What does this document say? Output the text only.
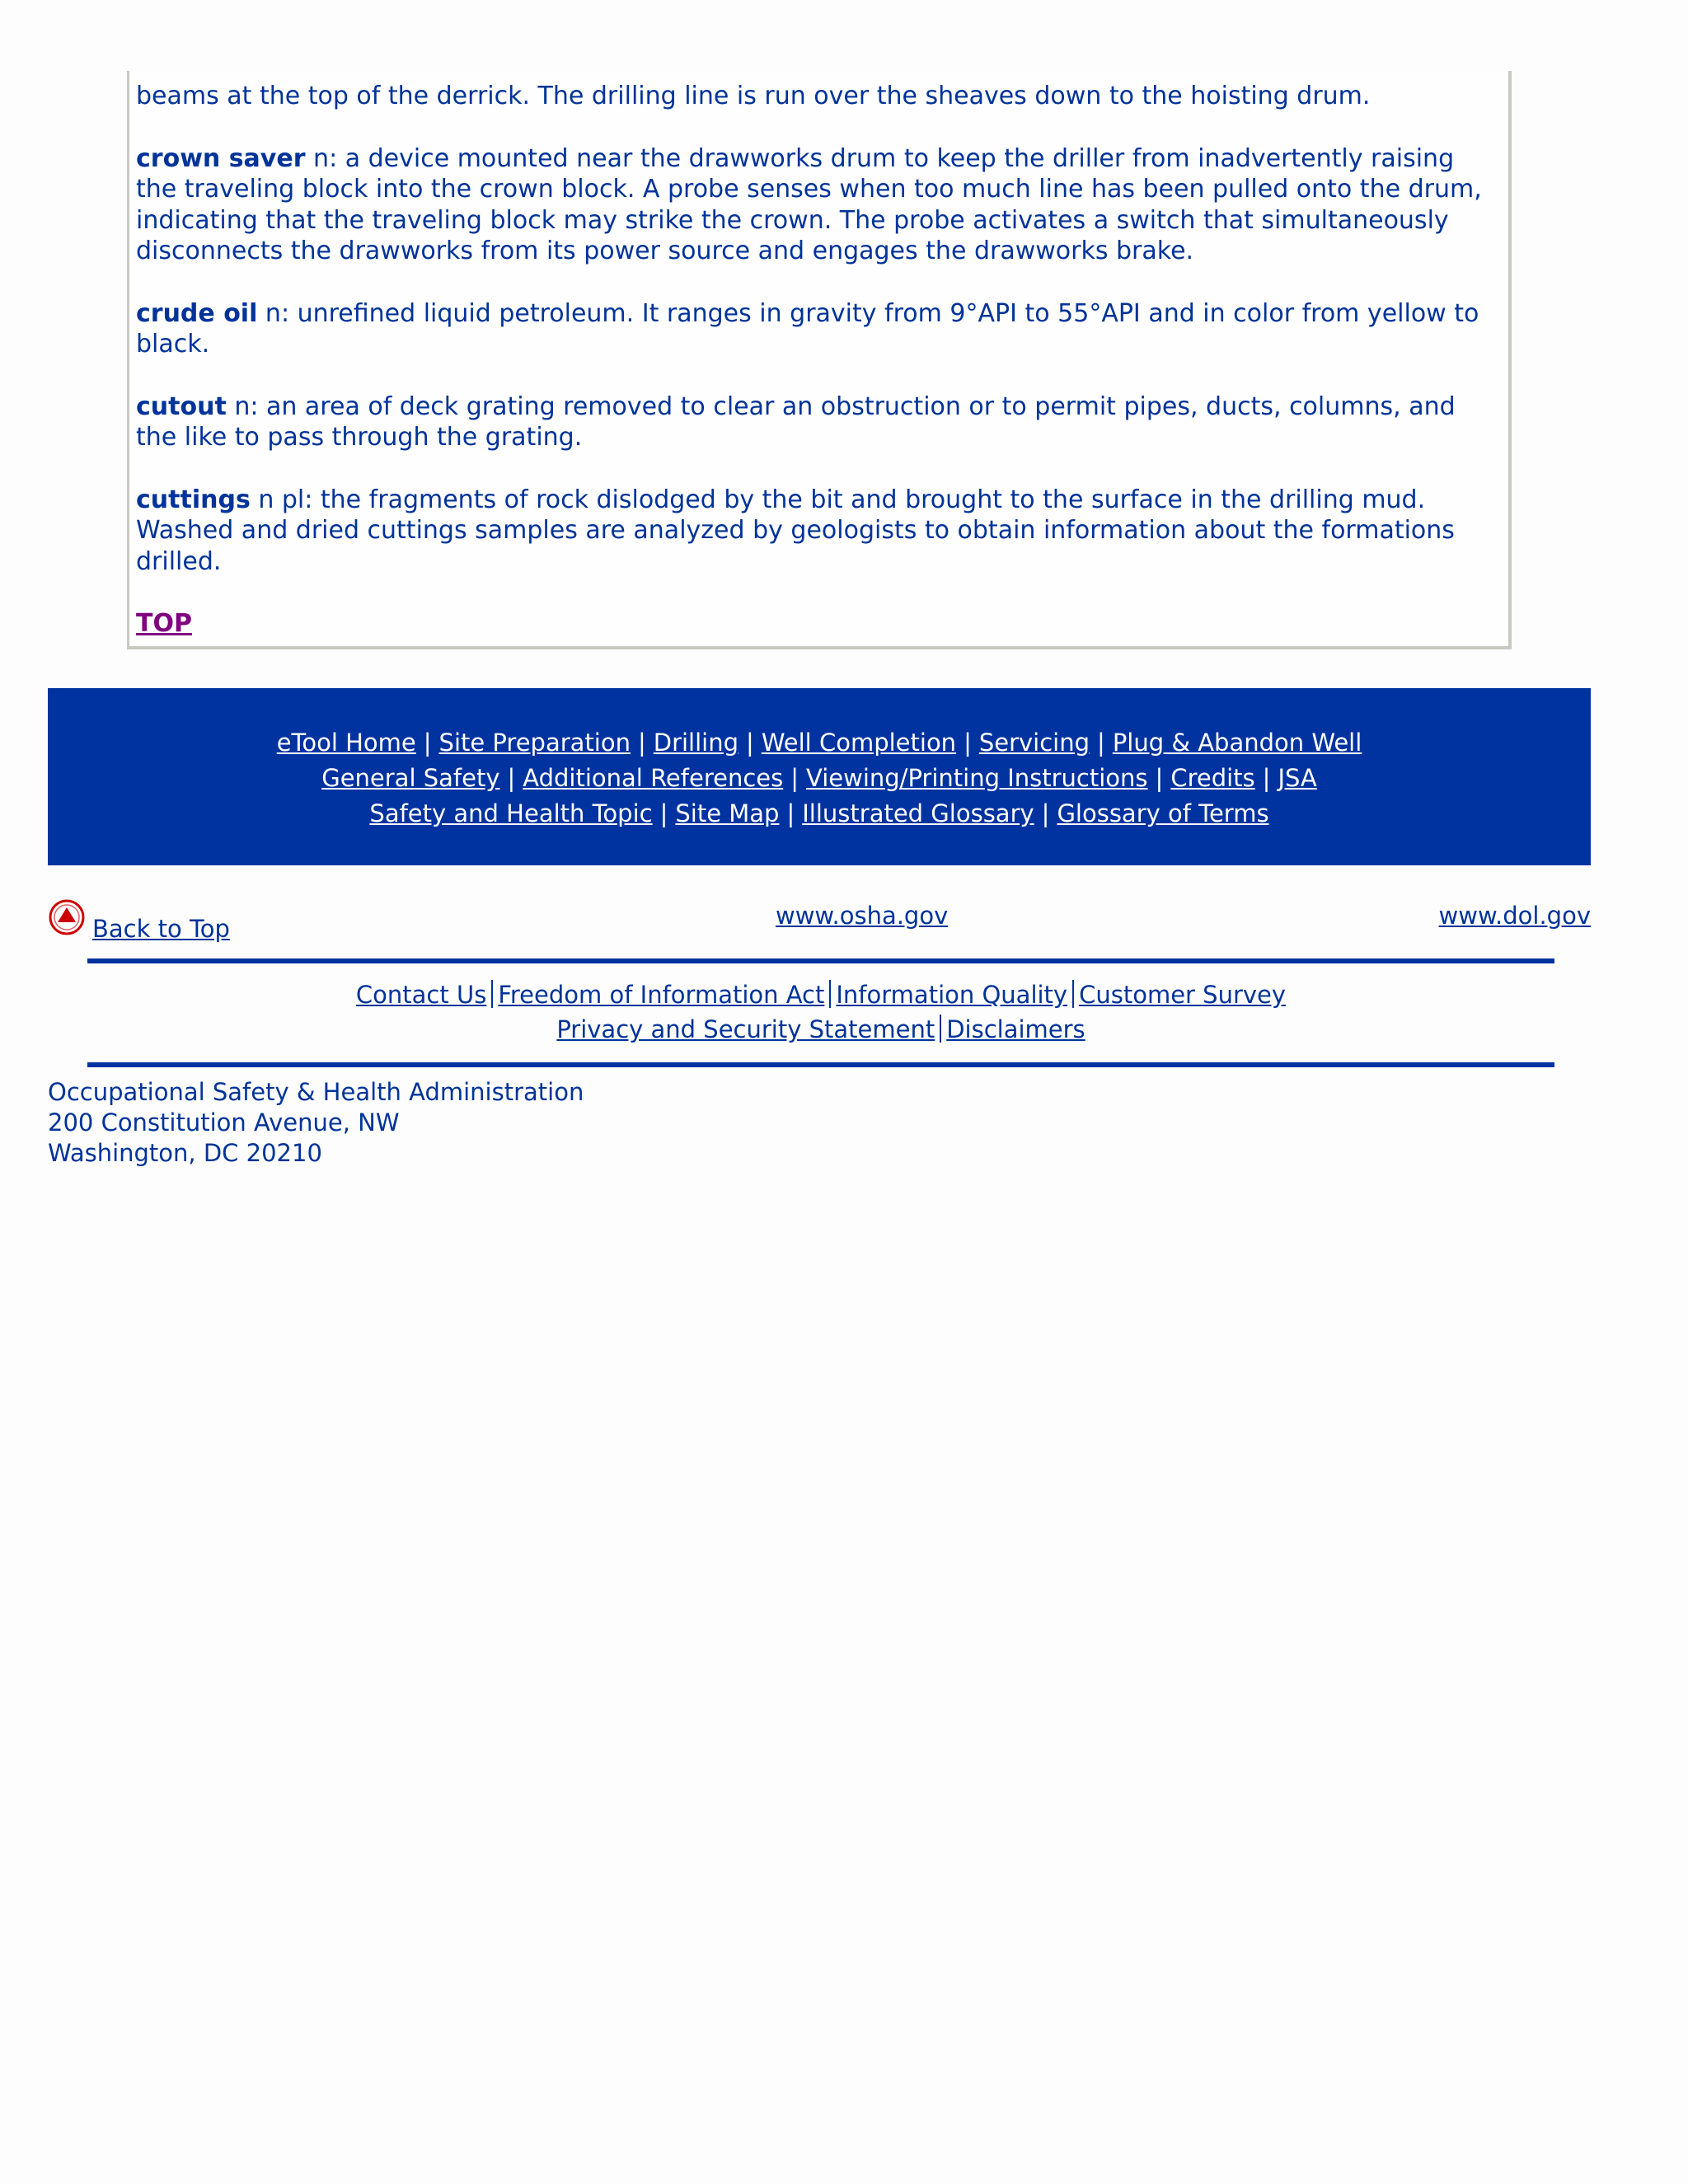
beams at the top of the derrick. The drilling line is run over the sheaves down to the hoisting drum.
crown saver n: a device mounted near the drawworks drum to keep the driller from inadvertently raising the traveling block into the crown block. A probe senses when too much line has been pulled onto the drum, indicating that the traveling block may strike the crown. The probe activates a switch that simultaneously disconnects the drawworks from its power source and engages the drawworks brake.
crude oil n: unrefined liquid petroleum. It ranges in gravity from 9°API to 55°API and in color from yellow to black.
cutout n: an area of deck grating removed to clear an obstruction or to permit pipes, ducts, columns, and the like to pass through the grating.
cuttings n pl: the fragments of rock dislodged by the bit and brought to the surface in the drilling mud. Washed and dried cuttings samples are analyzed by geologists to obtain information about the formations drilled.
TOP
eTool Home | Site Preparation | Drilling | Well Completion | Servicing | Plug & Abandon Well
General Safety | Additional References | Viewing/Printing Instructions | Credits | JSA
Safety and Health Topic | Site Map | Illustrated Glossary | Glossary of Terms
Back to Top	www.osha.gov	www.dol.gov
Contact Us Freedom of Information Act Information Quality Customer Survey
Privacy and Security Statement Disclaimers
Occupational Safety & Health Administration
200 Constitution Avenue, NW
Washington, DC 20210
